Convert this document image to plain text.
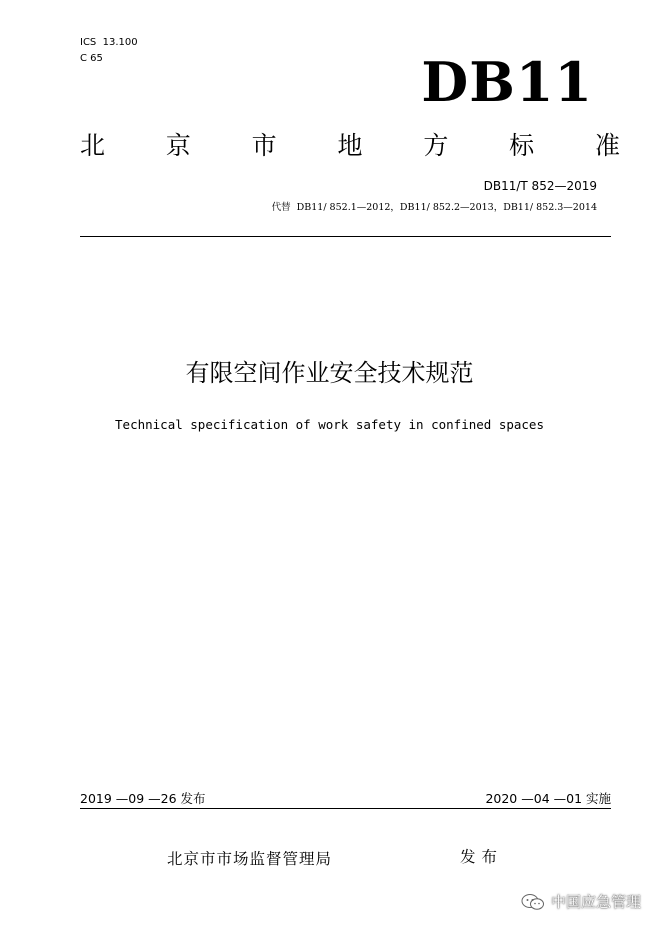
ICS  13.100
C 65	DB11
北 京 市 地 方 标 准
DB11/T 852—2019
代替  DB11/ 852.1—2012，DB11/ 852.2—2013，DB11/ 852.3—2014
有限空间作业安全技术规范
Technical specification of work safety in confined spaces
2019 —09 —26 发布	2020 —04 —01 实施
北京市市场监督管理局	发布
中国应急管理
